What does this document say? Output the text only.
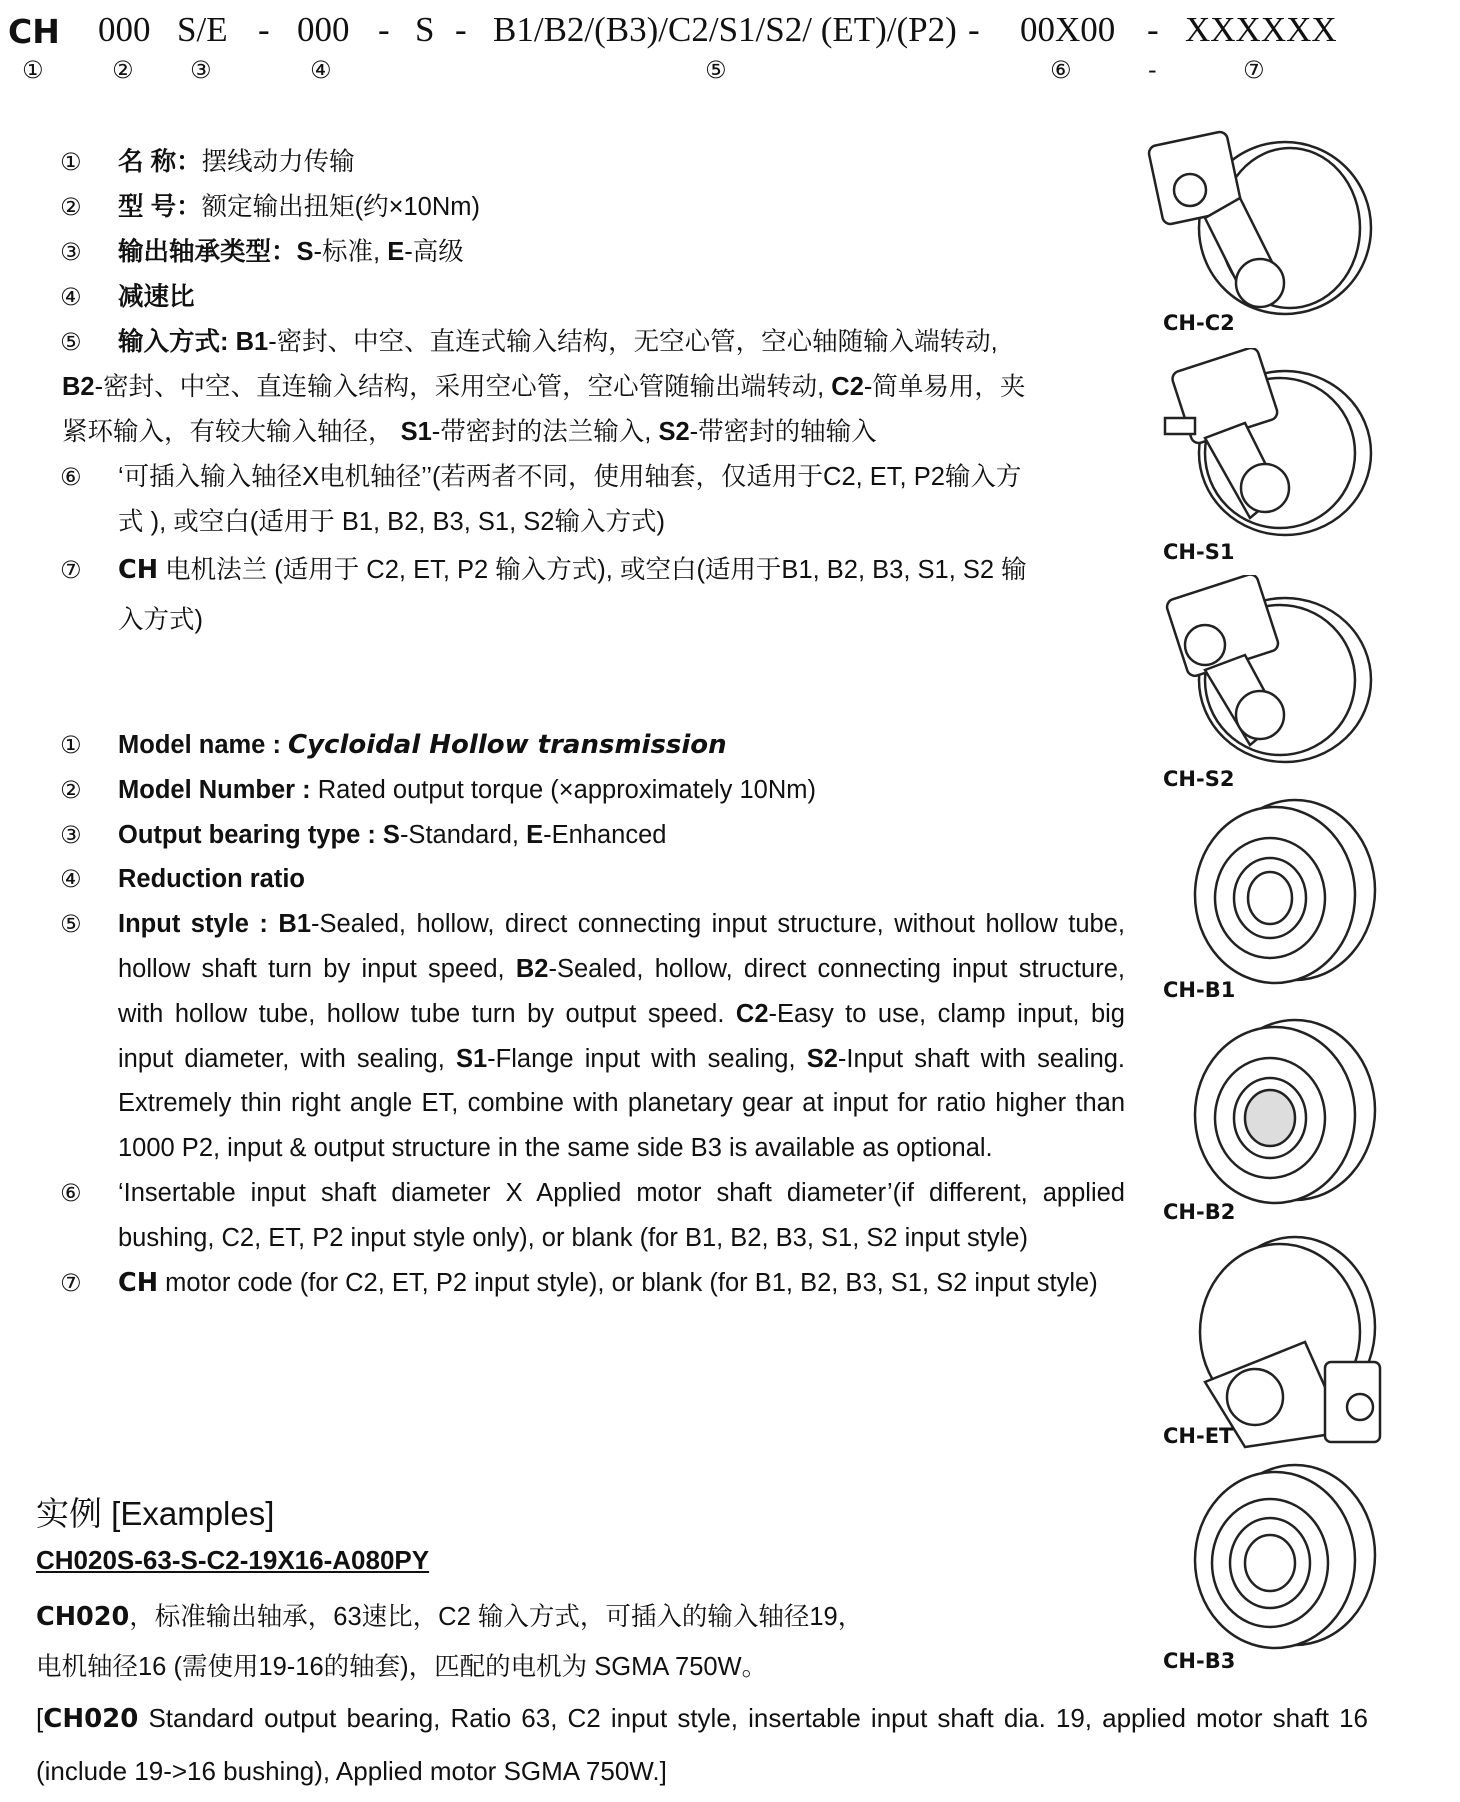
CH 000 S/E - 000 - S - B1/B2/(B3)/C2/S1/S2/ (ET)/(P2) - 00X00 - XXXXXX
①	② ③	④	⑤	⑥	-	⑦
①	名 称：摆线动力传输
②	型 号：额定输出扭矩(约×10Nm)
③	输出轴承类型：S-标准, E-高级
④	减速比
⑤	输入方式: B1-密封、中空、直连式输入结构，无空心管，空心轴随输入端转动,
B2-密封、中空、直连输入结构，采用空心管，空心管随输出端转动, C2-简单易用，夹
紧环输入，有较大输入轴径， S1-带密封的法兰输入, S2-带密封的轴输入
⑥	‘可插入输入轴径X电机轴径’’(若两者不同，使用轴套，仅适用于C2, ET, P2输入方
式 ), 或空白(适用于 B1, B2, B3, S1, S2输入方式)
⑦	CH 电机法兰 (适用于 C2, ET, P2 输入方式), 或空白(适用于B1, B2, B3, S1, S2 输
入方式)
①	Model name : Cycloidal Hollow transmission
②	Model Number : Rated output torque (×approximately 10Nm)
③	Output bearing type : S-Standard, E-Enhanced
④	Reduction ratio
⑤	Input style : B1-Sealed, hollow, direct connecting input structure, without hollow tube, hollow shaft turn by input speed, B2-Sealed, hollow, direct connecting input structure, with hollow tube, hollow tube turn by output speed. C2-Easy to use, clamp input, big input diameter, with sealing, S1-Flange input with sealing, S2-Input shaft with sealing. Extremely thin right angle ET, combine with planetary gear at input for ratio higher than 1000 P2, input & output structure in the same side B3 is available as optional.
⑥	‘Insertable input shaft diameter X Applied motor shaft diameter’(if different, applied bushing, C2, ET, P2 input style only), or blank (for B1, B2, B3, S1, S2 input style)
⑦	CH motor code (for C2, ET, P2 input style), or blank (for B1, B2, B3, S1, S2 input style)
实例 [Examples]
CH020S-63-S-C2-19X16-A080PY
CH020，标准输出轴承，63速比，C2 输入方式，可插入的输入轴径19，
电机轴径16 (需使用19-16的轴套)，匹配的电机为 SGMA 750W。
[CH020 Standard output bearing, Ratio 63, C2 input style, insertable input shaft dia. 19, applied motor shaft 16 (include 19->16 bushing), Applied motor SGMA 750W.]
CH-C2
CH-S1
CH-S2
CH-B1
CH-B2
CH-ET
CH-B3
